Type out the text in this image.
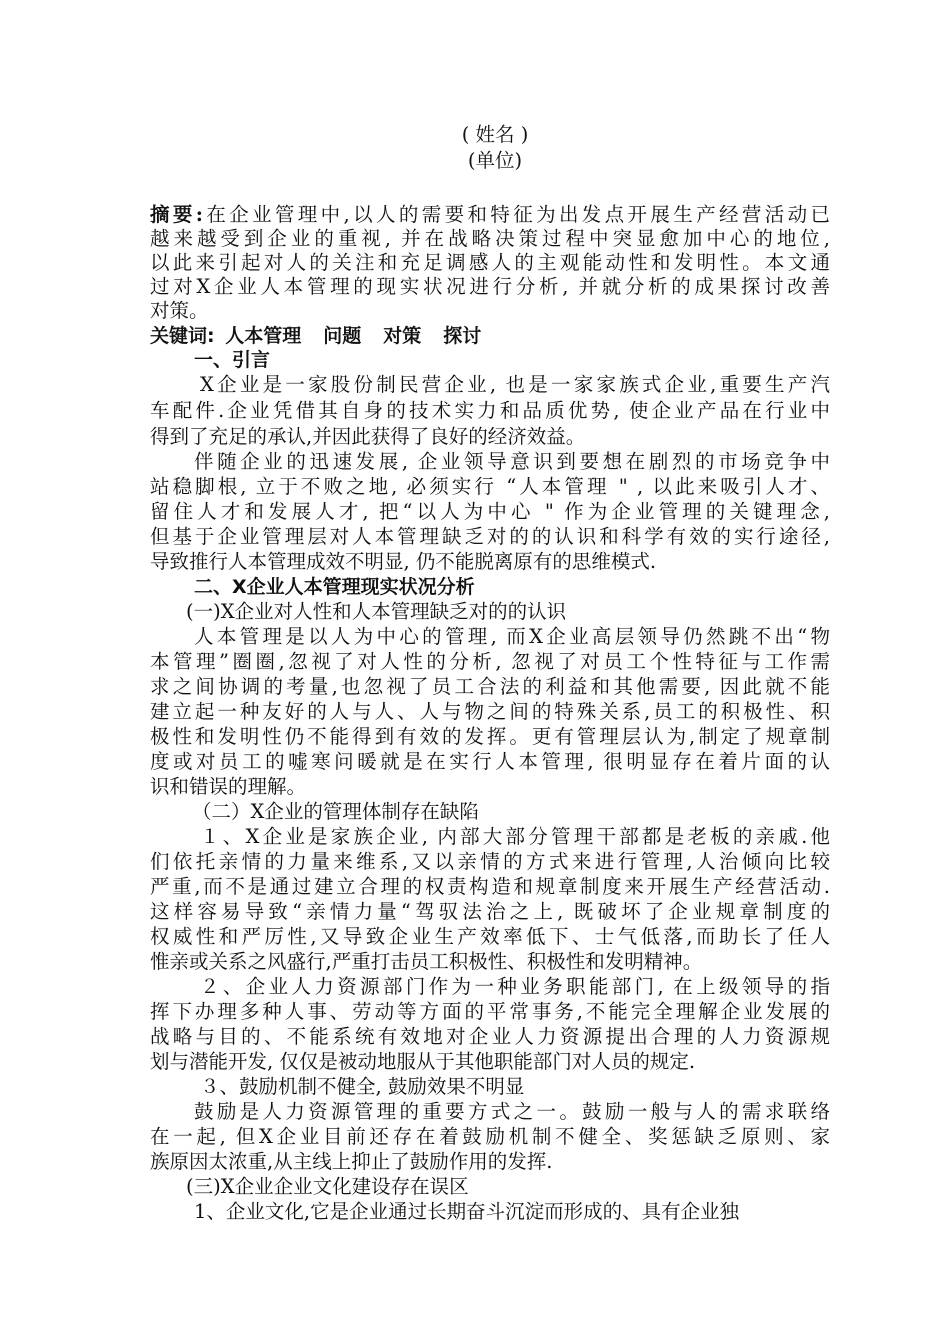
( 姓名 )
(单位)
摘要:在企业管理中,以人的需要和特征为出发点开展生产经营活动已
越来越受到企业的重视, 并在战略决策过程中突显愈加中心的地位,
以此来引起对人的关注和充足调感人的主观能动性和发明性。本文通
过对X企业人本管理的现实状况进行分析, 并就分析的成果探讨改善
对策。
关键词: 人本管理 问题 对策 探讨
一、引言
X企业是一家股份制民营企业, 也是一家家族式企业,重要生产汽
车配件.企业凭借其自身的技术实力和品质优势, 使企业产品在行业中
得到了充足的承认,并因此获得了良好的经济效益。
伴随企业的迅速发展, 企业领导意识到要想在剧烈的市场竞争中
站稳脚根, 立于不败之地, 必须实行 “人本管理 " , 以此来吸引人才、
留住人才和发展人才, 把“以人为中心 " 作为企业管理的关键理念,
但基于企业管理层对人本管理缺乏对的的认识和科学有效的实行途径,
导致推行人本管理成效不明显, 仍不能脱离原有的思维模式.
二、X企业人本管理现实状况分析
(一)X企业对人性和人本管理缺乏对的的认识
人本管理是以人为中心的管理, 而X企业高层领导仍然跳不出“物
本管理”圈圈,忽视了对人性的分析, 忽视了对员工个性特征与工作需
求之间协调的考量,也忽视了员工合法的利益和其他需要, 因此就不能
建立起一种友好的人与人、人与物之间的特殊关系,员工的积极性、积
极性和发明性仍不能得到有效的发挥。更有管理层认为,制定了规章制
度或对员工的嘘寒问暖就是在实行人本管理, 很明显存在着片面的认
识和错误的理解。
（二）X企业的管理体制存在缺陷
１、X企业是家族企业, 内部大部分管理干部都是老板的亲戚.他
们依托亲情的力量来维系,又以亲情的方式来进行管理,人治倾向比较
严重,而不是通过建立合理的权责构造和规章制度来开展生产经营活动.
这样容易导致“亲情力量“驾驭法治之上, 既破坏了企业规章制度的
权威性和严厉性,又导致企业生产效率低下、士气低落,而助长了任人
惟亲或关系之风盛行,严重打击员工积极性、积极性和发明精神。
２、企业人力资源部门作为一种业务职能部门, 在上级领导的指
挥下办理多种人事、劳动等方面的平常事务,不能完全理解企业发展的
战略与目的、不能系统有效地对企业人力资源提出合理的人力资源规
划与潜能开发, 仅仅是被动地服从于其他职能部门对人员的规定.
３、鼓励机制不健全, 鼓励效果不明显
鼓励是人力资源管理的重要方式之一。鼓励一般与人的需求联络
在一起, 但X企业目前还存在着鼓励机制不健全、奖惩缺乏原则、家
族原因太浓重,从主线上抑止了鼓励作用的发挥.
(三)X企业企业文化建设存在误区
1、企业文化,它是企业通过长期奋斗沉淀而形成的、具有企业独
